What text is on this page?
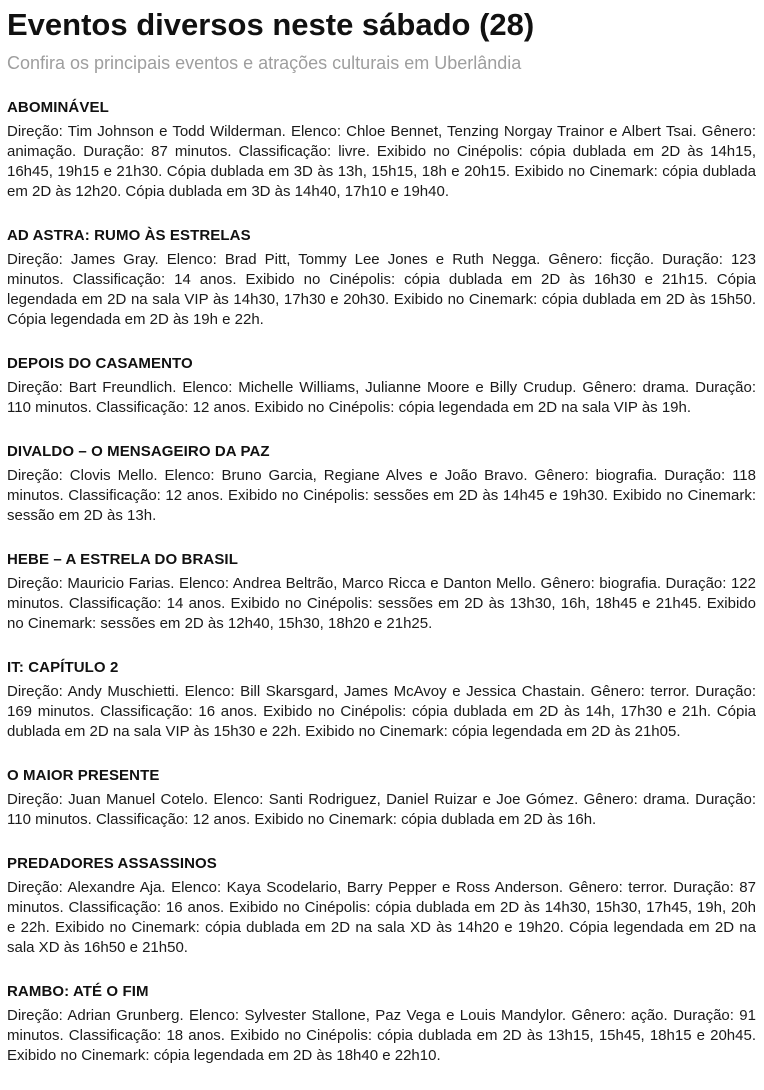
Eventos diversos neste sábado (28)
Confira os principais eventos e atrações culturais em Uberlândia
ABOMINÁVEL

Direção: Tim Johnson e Todd Wilderman. Elenco: Chloe Bennet, Tenzing Norgay Trainor e Albert Tsai. Gênero: animação. Duração: 87 minutos. Classificação: livre. Exibido no Cinépolis: cópia dublada em 2D às 14h15, 16h45, 19h15 e 21h30. Cópia dublada em 3D às 13h, 15h15, 18h e 20h15. Exibido no Cinemark: cópia dublada em 2D às 12h20. Cópia dublada em 3D às 14h40, 17h10 e 19h40.

AD ASTRA: RUMO ÀS ESTRELAS

Direção: James Gray. Elenco: Brad Pitt, Tommy Lee Jones e Ruth Negga. Gênero: ficção. Duração: 123 minutos. Classificação: 14 anos. Exibido no Cinépolis: cópia dublada em 2D às 16h30 e 21h15. Cópia legendada em 2D na sala VIP às 14h30, 17h30 e 20h30. Exibido no Cinemark: cópia dublada em 2D às 15h50. Cópia legendada em 2D às 19h e 22h.

DEPOIS DO CASAMENTO

Direção: Bart Freundlich. Elenco: Michelle Williams, Julianne Moore e Billy Crudup. Gênero: drama. Duração: 110 minutos. Classificação: 12 anos. Exibido no Cinépolis: cópia legendada em 2D na sala VIP às 19h.

DIVALDO – O MENSAGEIRO DA PAZ

Direção: Clovis Mello. Elenco: Bruno Garcia, Regiane Alves e João Bravo. Gênero: biografia. Duração: 118 minutos. Classificação: 12 anos. Exibido no Cinépolis: sessões em 2D às 14h45 e 19h30. Exibido no Cinemark: sessão em 2D às 13h.

HEBE – A ESTRELA DO BRASIL

Direção: Mauricio Farias. Elenco: Andrea Beltrão, Marco Ricca e Danton Mello. Gênero: biografia. Duração: 122 minutos. Classificação: 14 anos. Exibido no Cinépolis: sessões em 2D às 13h30, 16h, 18h45 e 21h45. Exibido no Cinemark: sessões em 2D às 12h40, 15h30, 18h20 e 21h25.

IT: CAPÍTULO 2

Direção: Andy Muschietti. Elenco: Bill Skarsgard, James McAvoy e Jessica Chastain. Gênero: terror. Duração: 169 minutos. Classificação: 16 anos. Exibido no Cinépolis: cópia dublada em 2D às 14h, 17h30 e 21h. Cópia dublada em 2D na sala VIP às 15h30 e 22h. Exibido no Cinemark: cópia legendada em 2D às 21h05.

O MAIOR PRESENTE

Direção: Juan Manuel Cotelo. Elenco: Santi Rodriguez, Daniel Ruizar e Joe Gómez. Gênero: drama. Duração: 110 minutos. Classificação: 12 anos. Exibido no Cinemark: cópia dublada em 2D às 16h.

PREDADORES ASSASSINOS

Direção: Alexandre Aja. Elenco: Kaya Scodelario, Barry Pepper e Ross Anderson. Gênero: terror. Duração: 87 minutos. Classificação: 16 anos. Exibido no Cinépolis: cópia dublada em 2D às 14h30, 15h30, 17h45, 19h, 20h e 22h. Exibido no Cinemark: cópia dublada em 2D na sala XD às 14h20 e 19h20. Cópia legendada em 2D na sala XD às 16h50 e 21h50.

RAMBO: ATÉ O FIM

Direção: Adrian Grunberg. Elenco: Sylvester Stallone, Paz Vega e Louis Mandylor. Gênero: ação. Duração: 91 minutos. Classificação: 18 anos. Exibido no Cinépolis: cópia dublada em 2D às 13h15, 15h45, 18h15 e 20h45. Exibido no Cinemark: cópia legendada em 2D às 18h40 e 22h10.
